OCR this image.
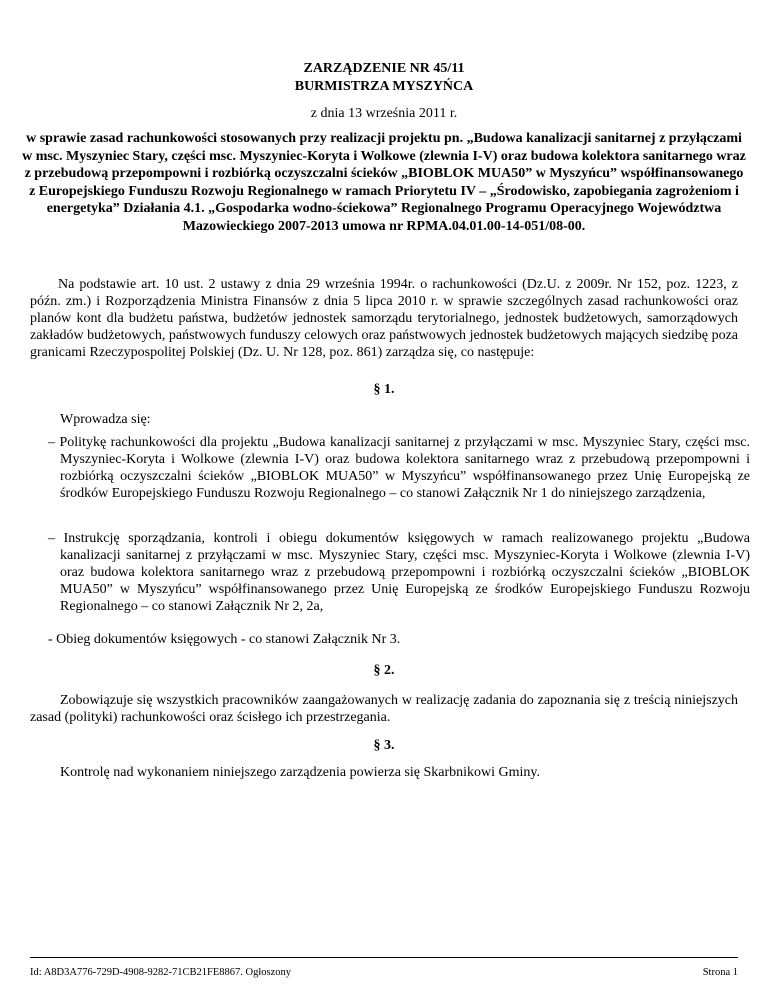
ZARZĄDZENIE NR 45/11
BURMISTRZA MYSZYŃCA
z dnia 13 września 2011 r.
w sprawie zasad rachunkowości stosowanych przy realizacji projektu pn. „Budowa kanalizacji sanitarnej z przyłączami w msc. Myszyniec Stary, części msc. Myszyniec-Koryta i Wolkowe (zlewnia I-V) oraz budowa kolektora sanitarnego wraz z przebudową przepompowni i rozbiórką oczyszczalni ścieków „BIOBLOK MUA50” w Myszyńcu” współfinansowanego z Europejskiego Funduszu Rozwoju Regionalnego w ramach Priorytetu IV – „Środowisko, zapobiegania zagrożeniom i energetyka” Działania 4.1. „Gospodarka wodno-ściekowa” Regionalnego Programu Operacyjnego Województwa Mazowieckiego 2007-2013 umowa nr RPMA.04.01.00-14-051/08-00.
Na podstawie art. 10 ust. 2 ustawy z dnia 29 września 1994r. o rachunkowości (Dz.U. z 2009r. Nr 152, poz. 1223, z późn. zm.) i Rozporządzenia Ministra Finansów z dnia 5 lipca 2010 r. w sprawie szczególnych zasad rachunkowości oraz planów kont dla budżetu państwa, budżetów jednostek samorządu terytorialnego, jednostek budżetowych, samorządowych zakładów budżetowych, państwowych funduszy celowych oraz państwowych jednostek budżetowych mających siedzibę poza granicami Rzeczypospolitej Polskiej (Dz. U. Nr 128, poz. 861) zarządza się, co następuje:
§ 1.
Wprowadza się:
– Politykę rachunkowości dla projektu „Budowa kanalizacji sanitarnej z przyłączami w msc. Myszyniec Stary, części msc. Myszyniec-Koryta i Wolkowe (zlewnia I-V) oraz budowa kolektora sanitarnego wraz z przebudową przepompowni i rozbiórką oczyszczalni ścieków „BIOBLOK MUA50” w Myszyńcu” współfinansowanego przez Unię Europejską ze środków Europejskiego Funduszu Rozwoju Regionalnego – co stanowi Załącznik Nr 1 do niniejszego zarządzenia,
– Instrukcję sporządzania, kontroli i obiegu dokumentów księgowych w ramach realizowanego projektu „Budowa kanalizacji sanitarnej z przyłączami w msc. Myszyniec Stary, części msc. Myszyniec-Koryta i Wolkowe (zlewnia I-V) oraz budowa kolektora sanitarnego wraz z przebudową przepompowni i rozbiórką oczyszczalni ścieków „BIOBLOK MUA50” w Myszyńcu” współfinansowanego przez Unię Europejską ze środków Europejskiego Funduszu Rozwoju Regionalnego – co stanowi Załącznik Nr 2, 2a,
- Obieg dokumentów księgowych - co stanowi Załącznik Nr 3.
§ 2.
Zobowiązuje się wszystkich pracowników zaangażowanych w realizację zadania do zapoznania się z treścią niniejszych zasad (polityki) rachunkowości oraz ścisłego ich przestrzegania.
§ 3.
Kontrolę nad wykonaniem niniejszego zarządzenia powierza się Skarbnikowi Gminy.
Id: A8D3A776-729D-4908-9282-71CB21FE8867. Ogłoszony	Strona 1
